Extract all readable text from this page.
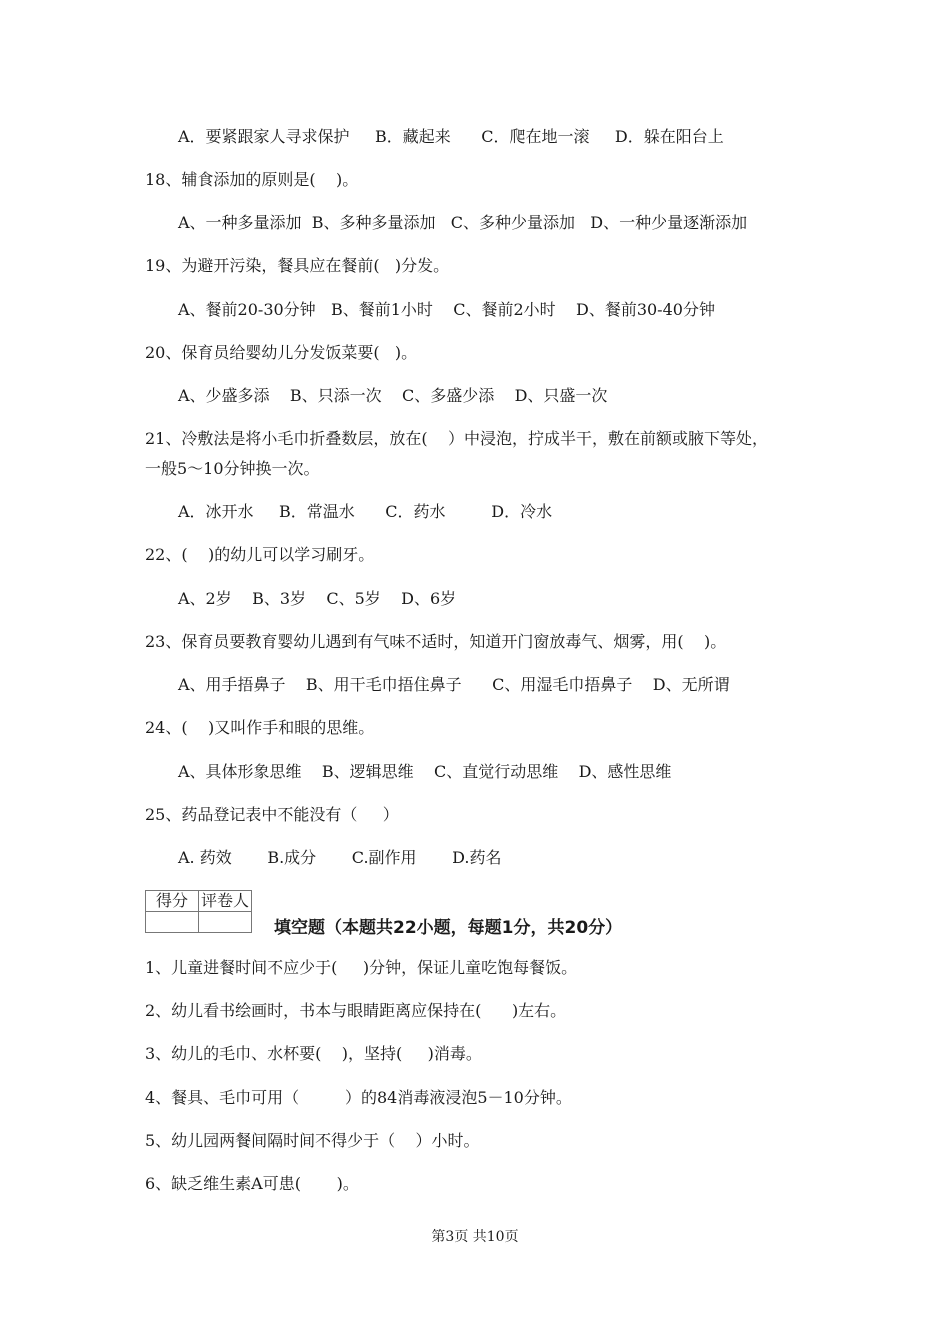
A．要紧跟家人寻求保护     B．藏起来      C．爬在地一滚     D．躲在阳台上
18、辅食添加的原则是(    )。
A、一种多量添加  B、多种多量添加   C、多种少量添加   D、一种少量逐渐添加
19、为避开污染，餐具应在餐前(   )分发。
A、餐前20-30分钟   B、餐前1小时    C、餐前2小时    D、餐前30-40分钟
20、保育员给婴幼儿分发饭菜要(   )。
A、少盛多添    B、只添一次    C、多盛少添    D、只盛一次
21、冷敷法是将小毛巾折叠数层，放在(    ）中浸泡，拧成半干，敷在前额或腋下等处，
一般5～10分钟换一次。
A．冰开水     B．常温水      C．药水         D．冷水
22、(    )的幼儿可以学习刷牙。
A、2岁    B、3岁    C、5岁    D、6岁
23、保育员要教育婴幼儿遇到有气味不适时，知道开门窗放毒气、烟雾，用(    )。
A、用手捂鼻子    B、用干毛巾捂住鼻子      C、用湿毛巾捂鼻子    D、无所谓
24、(    )又叫作手和眼的思维。
A、具体形象思维    B、逻辑思维    C、直觉行动思维    D、感性思维
25、药品登记表中不能没有（     ）
A. 药效       B.成分       C.副作用       D.药名
得分	评卷人

填空题（本题共22小题，每题1分，共20分）
1、儿童进餐时间不应少于(     )分钟，保证儿童吃饱每餐饭。
2、幼儿看书绘画时，书本与眼睛距离应保持在(      )左右。
3、幼儿的毛巾、水杯要(    )，坚持(     )消毒。
4、餐具、毛巾可用（         ）的84消毒液浸泡5－10分钟。
5、幼儿园两餐间隔时间不得少于（    ）小时。
6、缺乏维生素A可患(       )。
第3页 共10页
